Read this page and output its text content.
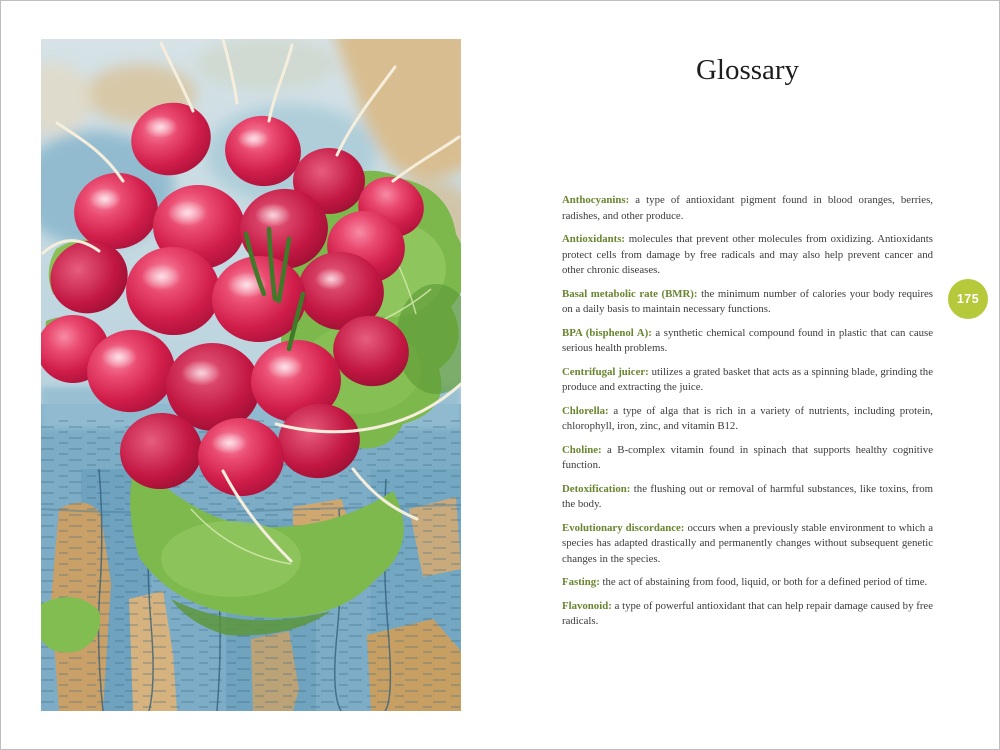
Glossary

Anthocyanins: a type of antioxidant pigment found in blood oranges, berries, radishes, and other produce.

Antioxidants: molecules that prevent other molecules from oxidizing. Antioxidants protect cells from damage by free radicals and may also help prevent cancer and other chronic diseases.

Basal metabolic rate (BMR): the minimum number of calories your body requires on a daily basis to maintain necessary functions.

BPA (bisphenol A): a synthetic chemical compound found in plastic that can cause serious health problems.

Centrifugal juicer: utilizes a grated basket that acts as a spinning blade, grinding the produce and extracting the juice.

Chlorella: a type of alga that is rich in a variety of nutrients, including protein, chlorophyll, iron, zinc, and vitamin B12.

Choline: a B-complex vitamin found in spinach that supports healthy cognitive function.

Detoxification: the flushing out or removal of harmful substances, like toxins, from the body.

Evolutionary discordance: occurs when a previously stable environment to which a species has adapted drastically and permanently changes without subsequent genetic changes in the species.

Fasting: the act of abstaining from food, liquid, or both for a defined period of time.

Flavonoid: a type of powerful antioxidant that can help repair damage caused by free radicals.

175
